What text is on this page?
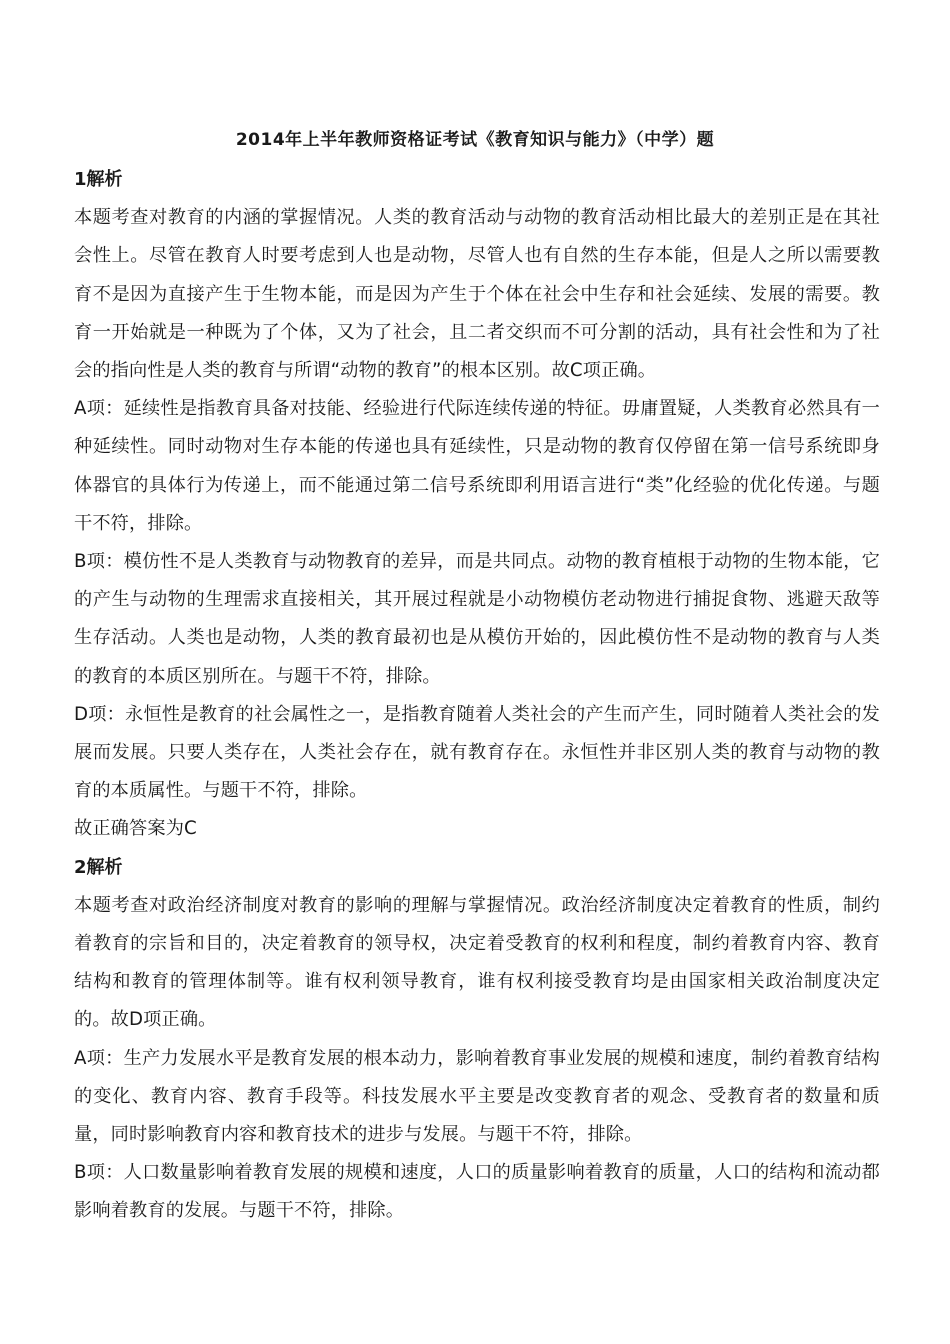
2014年上半年教师资格证考试《教育知识与能力》（中学）题

1解析

本题考查对教育的内涵的掌握情况。人类的教育活动与动物的教育活动相比最大的差别正是在其社会性上。尽管在教育人时要考虑到人也是动物，尽管人也有自然的生存本能，但是人之所以需要教育不是因为直接产生于生物本能，而是因为产生于个体在社会中生存和社会延续、发展的需要。教育一开始就是一种既为了个体，又为了社会，且二者交织而不可分割的活动，具有社会性和为了社会的指向性是人类的教育与所谓“动物的教育”的根本区别。故C项正确。

A项：延续性是指教育具备对技能、经验进行代际连续传递的特征。毋庸置疑，人类教育必然具有一种延续性。同时动物对生存本能的传递也具有延续性，只是动物的教育仅停留在第一信号系统即身体器官的具体行为传递上，而不能通过第二信号系统即利用语言进行“类”化经验的优化传递。与题干不符，排除。

B项：模仿性不是人类教育与动物教育的差异，而是共同点。动物的教育植根于动物的生物本能，它的产生与动物的生理需求直接相关，其开展过程就是小动物模仿老动物进行捕捉食物、逃避天敌等生存活动。人类也是动物，人类的教育最初也是从模仿开始的，因此模仿性不是动物的教育与人类的教育的本质区别所在。与题干不符，排除。

D项：永恒性是教育的社会属性之一，是指教育随着人类社会的产生而产生，同时随着人类社会的发展而发展。只要人类存在，人类社会存在，就有教育存在。永恒性并非区别人类的教育与动物的教育的本质属性。与题干不符，排除。

故正确答案为C

2解析

本题考查对政治经济制度对教育的影响的理解与掌握情况。政治经济制度决定着教育的性质，制约着教育的宗旨和目的，决定着教育的领导权，决定着受教育的权利和程度，制约着教育内容、教育结构和教育的管理体制等。谁有权利领导教育，谁有权利接受教育均是由国家相关政治制度决定的。故D项正确。

A项：生产力发展水平是教育发展的根本动力，影响着教育事业发展的规模和速度，制约着教育结构的变化、教育内容、教育手段等。科技发展水平主要是改变教育者的观念、受教育者的数量和质量，同时影响教育内容和教育技术的进步与发展。与题干不符，排除。

B项：人口数量影响着教育发展的规模和速度，人口的质量影响着教育的质量，人口的结构和流动都影响着教育的发展。与题干不符，排除。
